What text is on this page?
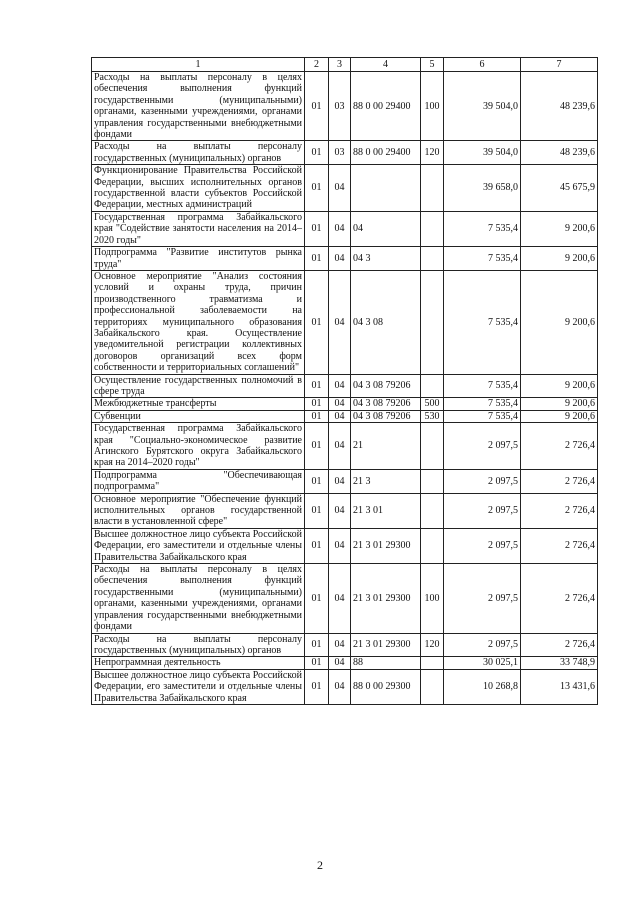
1	2	3	4	5	6	7
Расходы на выплаты персоналу в целях обеспечения выполнения функций государственными (муниципальными) органами, казенными учреждениями, органами управления государственными внебюджетными фондами	01	03	88 0 00 29400	100	39 504,0	48 239,6
Расходы на выплаты персоналу государственных (муниципальных) органов	01	03	88 0 00 29400	120	39 504,0	48 239,6
Функционирование Правительства Российской Федерации, высших исполнительных органов государственной власти субъектов Российской Федерации, местных администраций	01	04			39 658,0	45 675,9
Государственная программа Забайкальского края "Содействие занятости населения на 2014–2020 годы"	01	04	04		7 535,4	9 200,6
Подпрограмма "Развитие институтов рынка труда"	01	04	04 3		7 535,4	9 200,6
Основное мероприятие "Анализ состояния условий и охраны труда, причин производственного травматизма и профессиональной заболеваемости на территориях муниципального образования Забайкальского края. Осуществление уведомительной регистрации коллективных договоров организаций всех форм собственности и территориальных соглашений"	01	04	04 3 08		7 535,4	9 200,6
Осуществление государственных полномочий в сфере труда	01	04	04 3 08 79206		7 535,4	9 200,6
Межбюджетные трансферты	01	04	04 3 08 79206	500	7 535,4	9 200,6
Субвенции	01	04	04 3 08 79206	530	7 535,4	9 200,6
Государственная программа Забайкальского края "Социально-экономическое развитие Агинского Бурятского округа Забайкальского края на 2014–2020 годы"	01	04	21		2 097,5	2 726,4
Подпрограмма "Обеспечивающая подпрограмма"	01	04	21 3		2 097,5	2 726,4
Основное мероприятие "Обеспечение функций исполнительных органов государственной власти в установленной сфере"	01	04	21 3 01		2 097,5	2 726,4
Высшее должностное лицо субъекта Российской Федерации, его заместители и отдельные члены Правительства Забайкальского края	01	04	21 3 01 29300		2 097,5	2 726,4
Расходы на выплаты персоналу в целях обеспечения выполнения функций государственными (муниципальными) органами, казенными учреждениями, органами управления государственными внебюджетными фондами	01	04	21 3 01 29300	100	2 097,5	2 726,4
Расходы на выплаты персоналу государственных (муниципальных) органов	01	04	21 3 01 29300	120	2 097,5	2 726,4
Непрограммная деятельность	01	04	88		30 025,1	33 748,9
Высшее должностное лицо субъекта Российской Федерации, его заместители и отдельные члены Правительства Забайкальского края	01	04	88 0 00 29300		10 268,8	13 431,6
2
